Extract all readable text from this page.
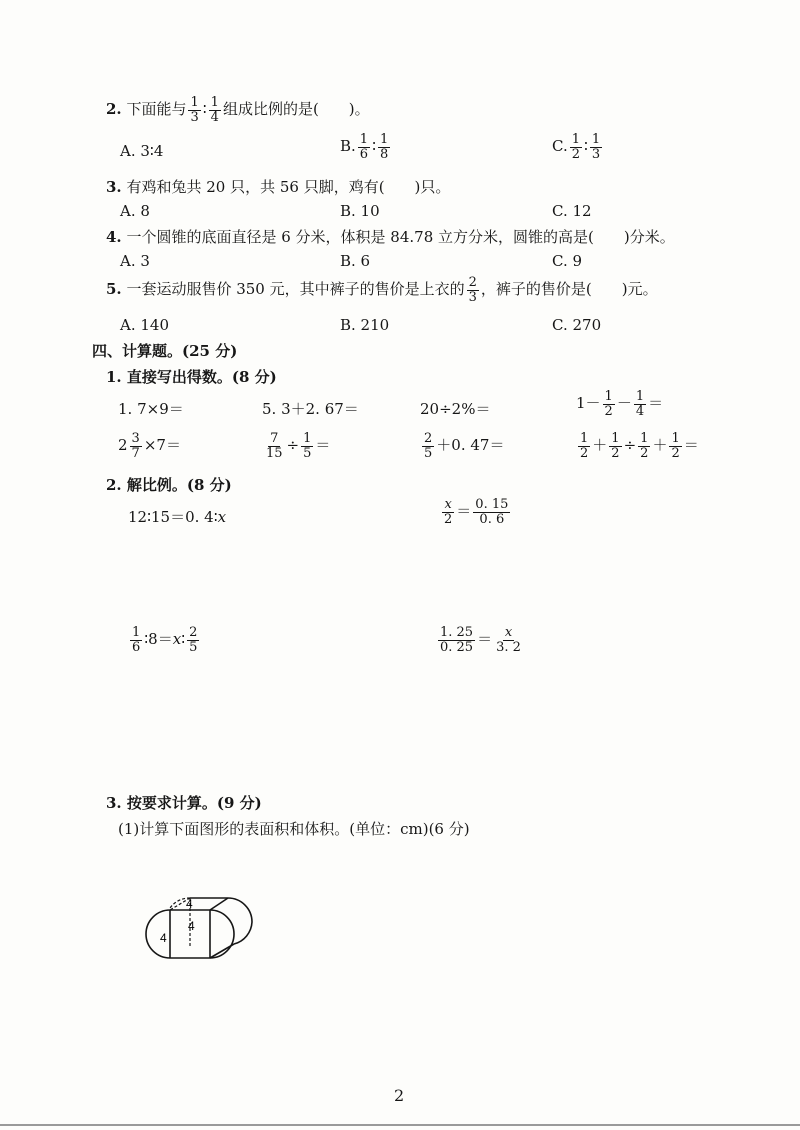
2. 下面能与 $\frac{1}{3}$ ∶ $\frac{1}{4}$ 组成比例的是(　　)。
A. 3∶4	B. $\frac{1}{6}$ ∶ $\frac{1}{8}$	C. $\frac{1}{2}$ ∶ $\frac{1}{3}$
3. 有鸡和兔共 20 只，共 56 只脚，鸡有(　　)只。
A. 8	B. 10	C. 12
4. 一个圆锥的底面直径是 6 分米，体积是 84.78 立方分米，圆锥的高是(　　)分米。
A. 3	B. 6	C. 9
5. 一套运动服售价 350 元，其中裤子的售价是上衣的 $\frac{2}{3}$ ，裤子的售价是(　　)元。
A. 140	B. 210	C. 270
四、计算题。(25 分)
1. 直接写出得数。(8 分)
1. 7×9＝	5. 3＋2. 67＝	20÷2%＝	$1- \frac{1}{2} - \frac{1}{4}$ ＝
$2 \frac{3}{7} \times 7=$	$\frac{7}{15} \div \frac{1}{5}$ ＝	$\frac{2}{5} +0$. 47＝	$\frac{1}{2} + \frac{1}{2} \div \frac{1}{2} + \frac{1}{2}$ ＝
2. 解比例。(8 分)
12∶15＝0. 4∶x	$\frac{x}{2} = \frac{0. 15}{0. 6}$
$\frac{1}{6}$ ∶8＝x∶ $\frac{2}{5}$	$\frac{1. 25}{0. 25} = \frac{x}{3. 2}$
3. 按要求计算。(9 分)
(1)计算下面图形的表面积和体积。(单位：cm)(6 分)
4
4
4
2
